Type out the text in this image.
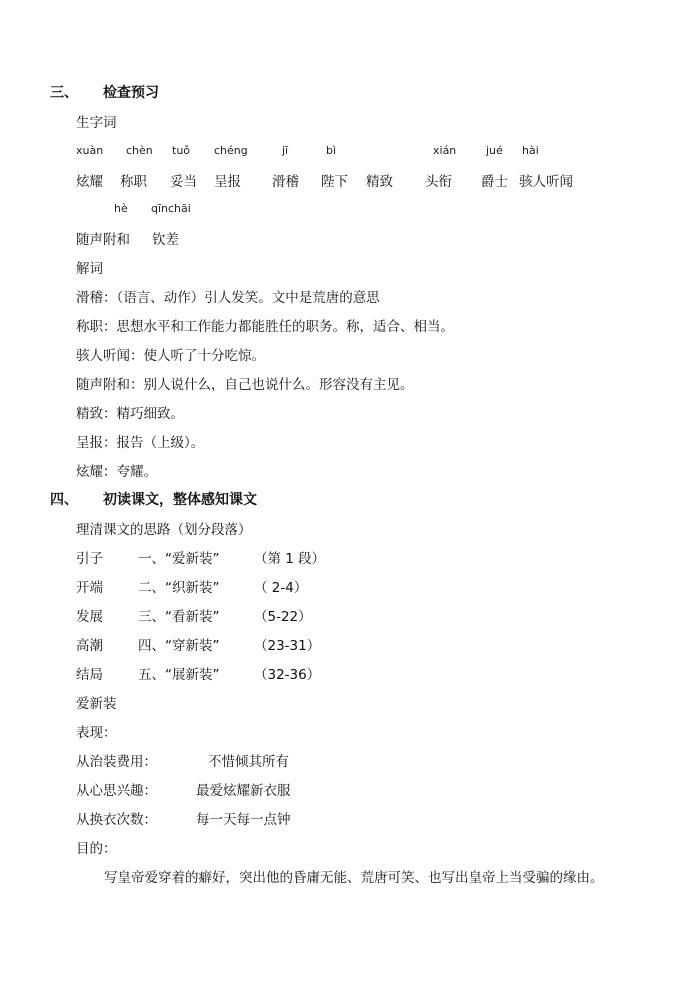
三、 检查预习
生字词
xuàn chèn tuǒ chéng	jī	bì	xián	jué hài
炫耀 称职 妥当 呈报 滑稽 陛下 精致 头衔 爵士 骇人听闻
hè qīnchāi
随声附和 钦差
解词
滑稽：（语言、动作）引人发笑。文中是荒唐的意思
称职：思想水平和工作能力都能胜任的职务。称，适合、相当。
骇人听闻：使人听了十分吃惊。
随声附和：别人说什么，自己也说什么。形容没有主见。
精致：精巧细致。
呈报：报告（上级）。
炫耀：夸耀。
四、 初读课文，整体感知课文
理清课文的思路（划分段落）
引子	一、“爱新装”	（第 1 段）
开端	二、“织新装”	（ 2-4）
发展	三、“看新装”	（5-22）
高潮	四、“穿新装”	（23-31）
结局	五、“展新装”	（32-36）
爱新装
表现：
从治装费用：	不惜倾其所有
从心思兴趣：	最爱炫耀新衣服
从换衣次数：	每一天每一点钟
目的：
写皇帝爱穿着的癖好，突出他的昏庸无能、荒唐可笑、也写出皇帝上当受骗的缘由。
